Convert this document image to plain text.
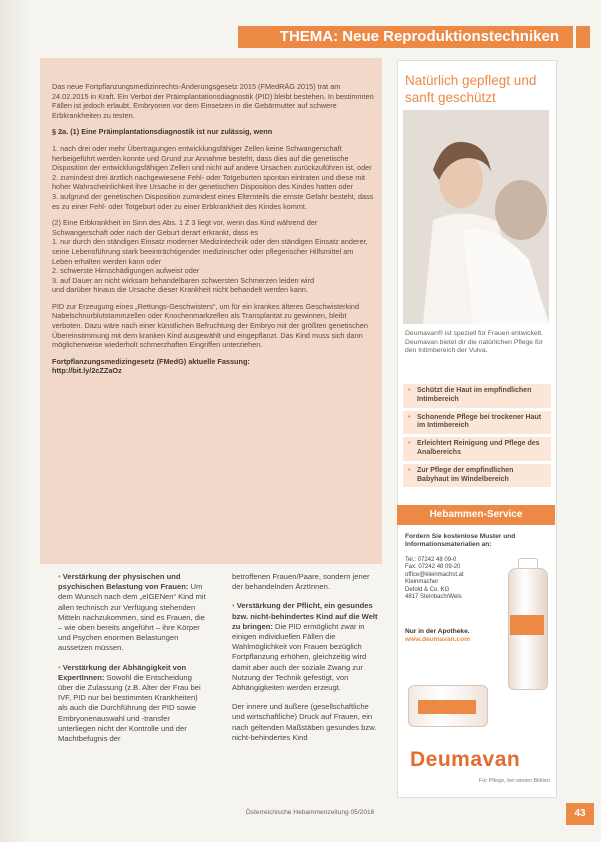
THEMA: Neue Reproduktionstechniken

Das neue Fortpflanzungsmedizinrechts-Änderungsgesetz 2015 (FMedRÄG 2015) trat am 24.02.2015 in Kraft. Ein Verbot der Präimplantationsdiagnostik (PID) bleibt bestehen. In bestimmten Fällen ist jedoch erlaubt, Embryonen vor dem Einsetzen in die Gebärmutter auf schwere Erbkrankheiten zu testen.

§ 2a. (1) Eine Präimplantationsdiagnostik ist nur zulässig, wenn

1. nach drei oder mehr Übertragungen entwicklungsfähiger Zellen keine Schwangerschaft herbeigeführt werden konnte und Grund zur Annahme besteht, dass dies auf die genetische Disposition der entwicklungsfähigen Zellen und nicht auf andere Ursachen zurückzuführen ist, oder
2. zumindest drei ärztlich nachgewiesene Fehl- oder Totgeburten spontan eintraten und diese mit hoher Wahrscheinlichkeit ihre Ursache in der genetischen Disposition des Kindes hatten oder
3. aufgrund der genetischen Disposition zumindest eines Elternteils die ernste Gefahr besteht, dass es zu einer Fehl- oder Totgeburt oder zu einer Erbkrankheit des Kindes kommt.

(2) Eine Erbkrankheit im Sinn des Abs. 1 Z 3 liegt vor, wenn das Kind während der Schwangerschaft oder nach der Geburt derart erkrankt, dass es
1. nur durch den ständigen Einsatz moderner Medizintechnik oder den ständigen Einsatz anderer, seine Lebensführung stark beeinträchtigender medizinischer oder pflegerischer Hilfsmittel am Leben erhalten werden kann oder
2. schwerste Hirnschädigungen aufweist oder
3. auf Dauer an nicht wirksam behandelbaren schwersten Schmerzen leiden wird
und darüber hinaus die Ursache dieser Krankheit nicht behandelt werden kann.

PID zur Erzeugung eines „Rettungs-Geschwisters“, um für ein krankes älteres Geschwisterkind Nabelschnurblutstammzellen oder Knochenmarkzellen als Transplantat zu gewinnen, bleibt verboten. Dazu wäre nach einer künstlichen Befruchtung der Embryo mit der größten genetischen Übereinstimmung mit dem kranken Kind ausgewählt und eingepflanzt. Das Kind muss sich dann möglicherweise wiederholt schmerzhaften Eingriffen unterziehen.

Fortpflanzungsmedizingesetz (FMedG) aktuelle Fassung:

http://bit.ly/2cZZaOz

• Verstärkung der physischen und psychischen Belastung von Frauen: Um dem Wunsch nach dem „eIGENen“ Kind mit allen technisch zur Verfügung stehenden Mitteln nachzukommen, sind es Frauen, die – wie oben bereits angeführt – ihre Körper und Psychen enormen Belastungen aussetzen müssen.

• Verstärkung der Abhängigkeit von ExpertInnen: Sowohl die Entscheidung über die Zulassung (z.B. Alter der Frau bei IVF, PID nur bei bestimmten Krankheiten) als auch die Durchführung der PID sowie Embryonenauswahl und -transfer unterliegen nicht der Kontrolle und der Machtbefugnis der

betroffenen Frauen/Paare, sondern jener der behandelnden ÄrztInnen.

• Verstärkung der Pflicht, ein gesundes bzw. nicht-behindertes Kind auf die Welt zu bringen: Die PID ermöglicht zwar in einigen individuellen Fällen die Wahlmöglichkeit von Frauen bezüglich Fortpflanzung erhöhen, gleichzeitig wird damit aber auch der soziale Zwang zur Nutzung der Technik gefestigt, von Abhängigkeiten werden erzeugt.

Der innere und äußere (gesellschaftliche und wirtschaftliche) Druck auf Frauen, ein nach geltenden Maßstäben gesundes bzw. nicht-behindertes Kind

Natürlich gepflegt und sanft geschützt
Deumavan® ist speziell für Frauen entwickelt. Deumavan bietet dir die natürlichen Pflege für den Intimbereich der Vulva.
• Schützt die Haut im empfindlichen Intimbereich
• Schonende Pflege bei trockener Haut im Intimbereich
• Erleichtert Reinigung und Pflege des Analbereichs
• Zur Pflege der empfindlichen Babyhaut im Windelbereich
Hebammen-Service
Fordern Sie kostenlose Muster und Informationsmaterialien an:
Tel.: 07242 48 09-0
Fax: 07242 48 09-20
office@kleinmachst.at
Kleinmacher
Defold & Co. KG
4817 Steinbach/Wels
Nur in der Apotheke.
www.deumavan.com
Deumavan
Für Pflege, bei wieten Blikten
Österreichische Hebammenzeitung 05/2016	43
